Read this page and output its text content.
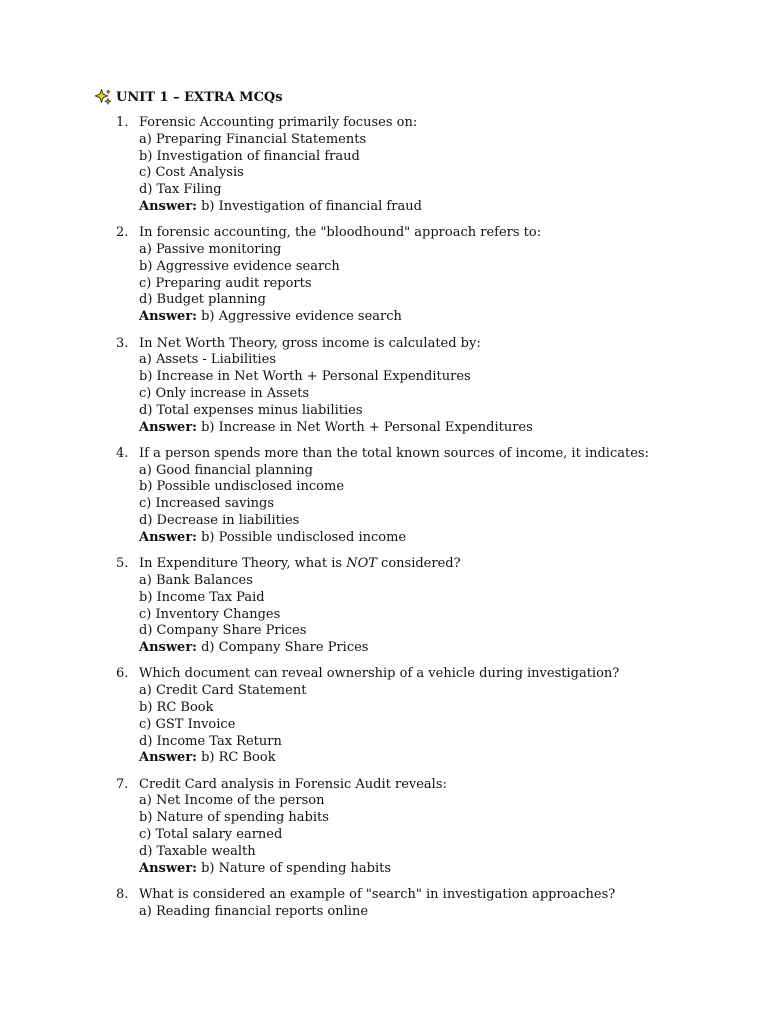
UNIT 1 – EXTRA MCQs
1. Forensic Accounting primarily focuses on:
a) Preparing Financial Statements
b) Investigation of financial fraud
c) Cost Analysis
d) Tax Filing
Answer: b) Investigation of financial fraud
2. In forensic accounting, the "bloodhound" approach refers to:
a) Passive monitoring
b) Aggressive evidence search
c) Preparing audit reports
d) Budget planning
Answer: b) Aggressive evidence search
3. In Net Worth Theory, gross income is calculated by:
a) Assets - Liabilities
b) Increase in Net Worth + Personal Expenditures
c) Only increase in Assets
d) Total expenses minus liabilities
Answer: b) Increase in Net Worth + Personal Expenditures
4. If a person spends more than the total known sources of income, it indicates:
a) Good financial planning
b) Possible undisclosed income
c) Increased savings
d) Decrease in liabilities
Answer: b) Possible undisclosed income
5. In Expenditure Theory, what is NOT considered?
a) Bank Balances
b) Income Tax Paid
c) Inventory Changes
d) Company Share Prices
Answer: d) Company Share Prices
6. Which document can reveal ownership of a vehicle during investigation?
a) Credit Card Statement
b) RC Book
c) GST Invoice
d) Income Tax Return
Answer: b) RC Book
7. Credit Card analysis in Forensic Audit reveals:
a) Net Income of the person
b) Nature of spending habits
c) Total salary earned
d) Taxable wealth
Answer: b) Nature of spending habits
8. What is considered an example of "search" in investigation approaches?
a) Reading financial reports online
